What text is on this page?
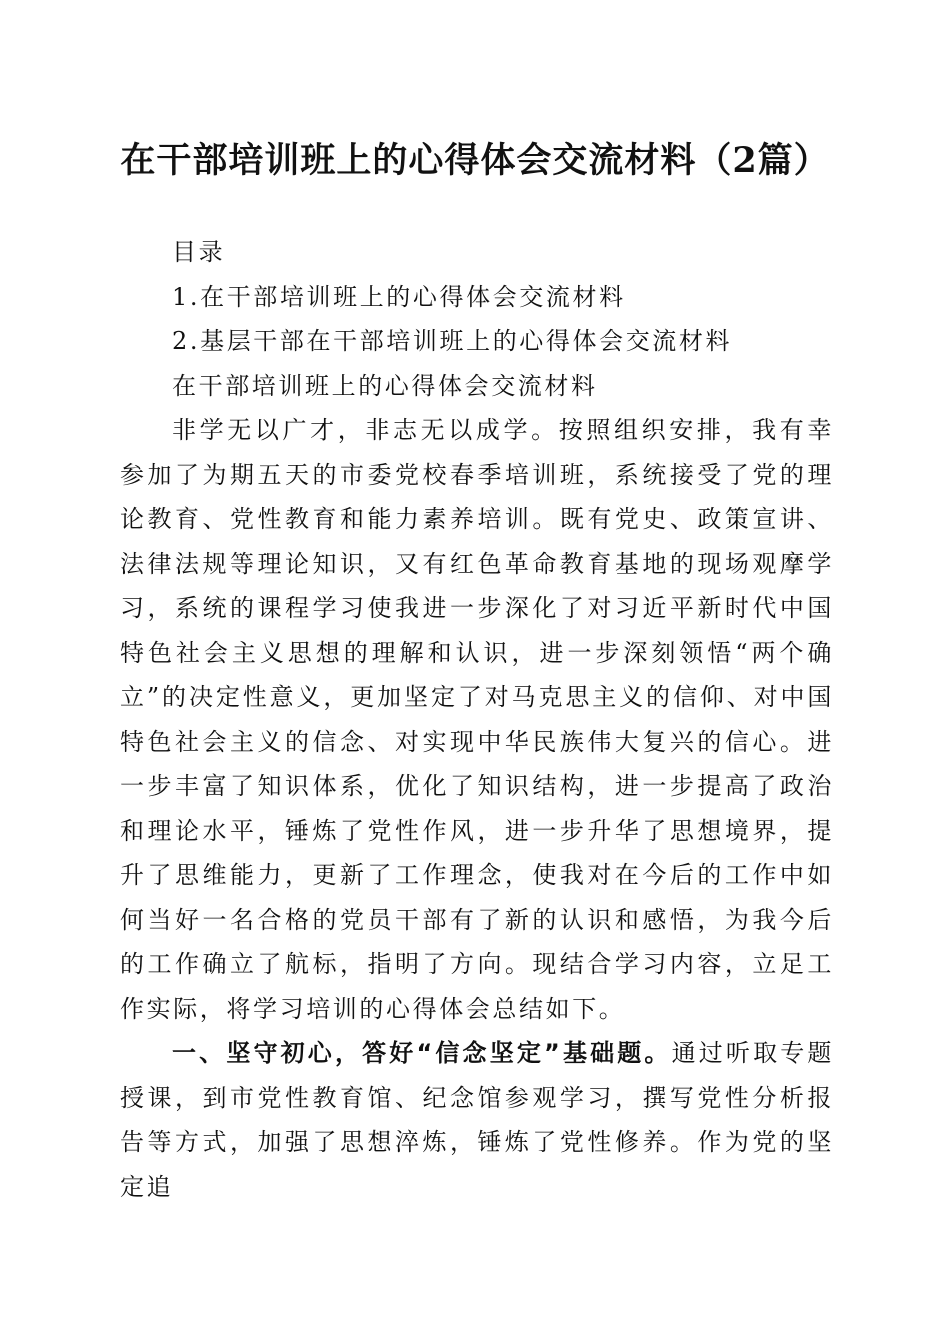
在干部培训班上的心得体会交流材料（2篇）

目录

1.在干部培训班上的心得体会交流材料

2.基层干部在干部培训班上的心得体会交流材料

在干部培训班上的心得体会交流材料

非学无以广才，非志无以成学。按照组织安排，我有幸参加了为期五天的市委党校春季培训班，系统接受了党的理论教育、党性教育和能力素养培训。既有党史、政策宣讲、法律法规等理论知识，又有红色革命教育基地的现场观摩学习，系统的课程学习使我进一步深化了对习近平新时代中国特色社会主义思想的理解和认识，进一步深刻领悟“两个确立”的决定性意义，更加坚定了对马克思主义的信仰、对中国特色社会主义的信念、对实现中华民族伟大复兴的信心。进一步丰富了知识体系，优化了知识结构，进一步提高了政治和理论水平，锤炼了党性作风，进一步升华了思想境界，提升了思维能力，更新了工作理念，使我对在今后的工作中如何当好一名合格的党员干部有了新的认识和感悟，为我今后的工作确立了航标，指明了方向。现结合学习内容，立足工作实际，将学习培训的心得体会总结如下。

一、坚守初心，答好“信念坚定”基础题。通过听取专题授课，到市党性教育馆、纪念馆参观学习，撰写党性分析报告等方式，加强了思想淬炼，锤炼了党性修养。作为党的坚定追
